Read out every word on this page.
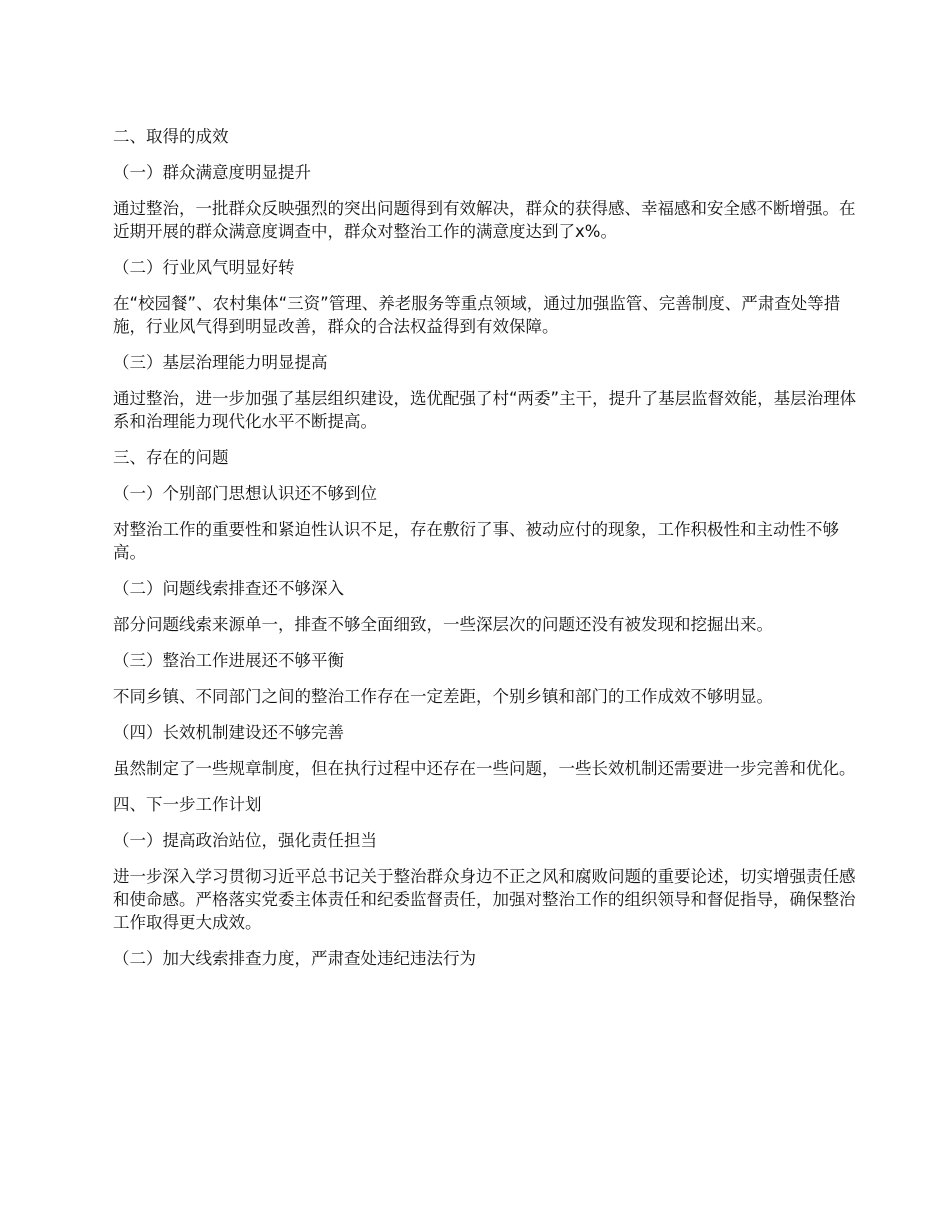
二、取得的成效

（一）群众满意度明显提升

通过整治，一批群众反映强烈的突出问题得到有效解决，群众的获得感、幸福感和安全感不断增强。在近期开展的群众满意度调查中，群众对整治工作的满意度达到了x%。

（二）行业风气明显好转

在“校园餐”、农村集体“三资”管理、养老服务等重点领域，通过加强监管、完善制度、严肃查处等措施，行业风气得到明显改善，群众的合法权益得到有效保障。

（三）基层治理能力明显提高

通过整治，进一步加强了基层组织建设，选优配强了村“两委”主干，提升了基层监督效能，基层治理体系和治理能力现代化水平不断提高。

三、存在的问题

（一）个别部门思想认识还不够到位

对整治工作的重要性和紧迫性认识不足，存在敷衍了事、被动应付的现象，工作积极性和主动性不够高。

（二）问题线索排查还不够深入

部分问题线索来源单一，排查不够全面细致，一些深层次的问题还没有被发现和挖掘出来。

（三）整治工作进展还不够平衡

不同乡镇、不同部门之间的整治工作存在一定差距，个别乡镇和部门的工作成效不够明显。

（四）长效机制建设还不够完善

虽然制定了一些规章制度，但在执行过程中还存在一些问题，一些长效机制还需要进一步完善和优化。

四、下一步工作计划

（一）提高政治站位，强化责任担当

进一步深入学习贯彻习近平总书记关于整治群众身边不正之风和腐败问题的重要论述，切实增强责任感和使命感。严格落实党委主体责任和纪委监督责任，加强对整治工作的组织领导和督促指导，确保整治工作取得更大成效。

（二）加大线索排查力度，严肃查处违纪违法行为
